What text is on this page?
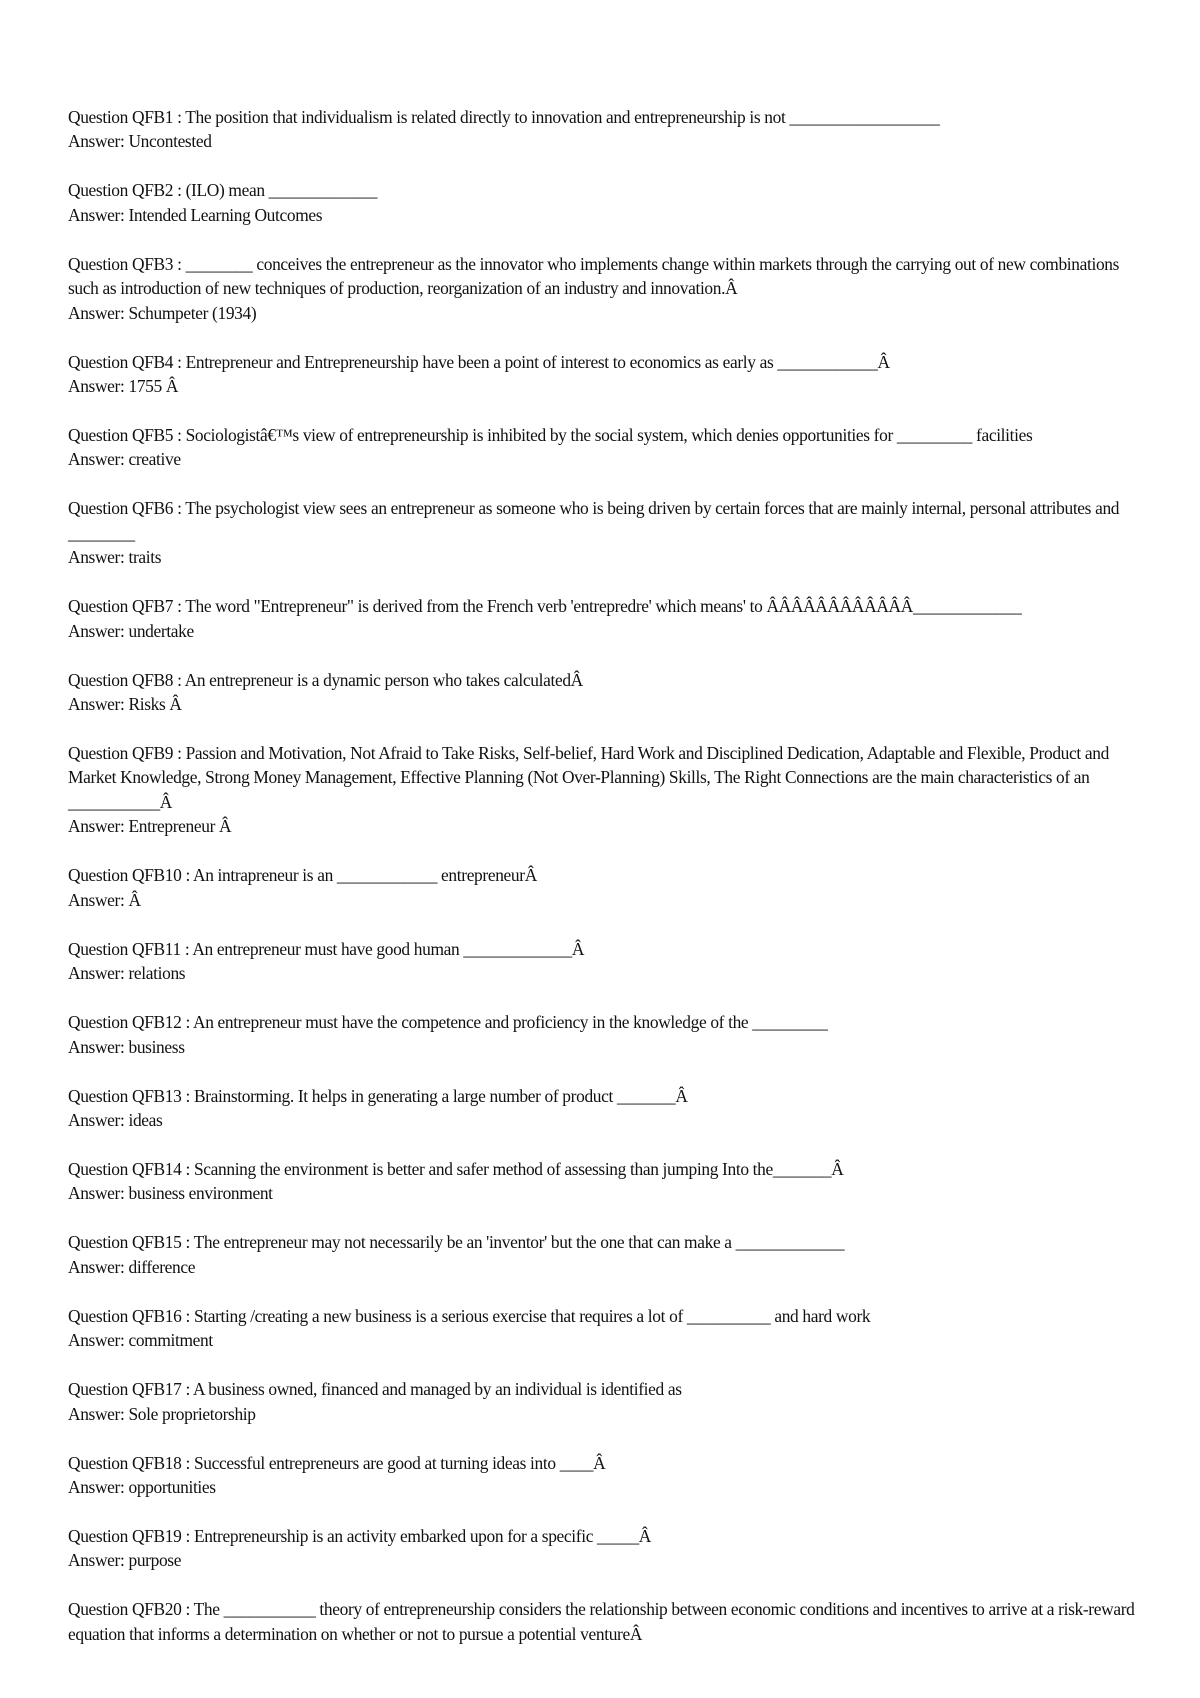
Question QFB1 : The position that individualism is related directly to innovation and entrepreneurship is not __________________
Answer: Uncontested
Question QFB2 : (ILO) mean _____________
Answer: Intended Learning Outcomes
Question QFB3 : ________ conceives the entrepreneur as the innovator who implements change within markets through the carrying out of new combinations such as introduction of new techniques of production, reorganization of an industry and innovation.Â
Answer: Schumpeter (1934)
Question QFB4 : Entrepreneur and Entrepreneurship have been a point of interest to economics as early as ____________Â
Answer: 1755 Â
Question QFB5 : Sociologistâ€™s view of entrepreneurship is inhibited by the social system, which denies opportunities for _________ facilities
Answer: creative
Question QFB6 : The psychologist view sees an entrepreneur as someone who is being driven by certain forces that are mainly internal, personal attributes and ________
Answer: traits
Question QFB7 : The word "Entrepreneur" is derived from the French verb 'entrepredre' which means' to ÂÂÂÂÂÂÂÂÂÂÂÂ_____________
Answer: undertake
Question QFB8 : An entrepreneur is a dynamic person who takes calculatedÂ
Answer: Risks Â
Question QFB9 : Passion and Motivation, Not Afraid to Take Risks, Self-belief, Hard Work and Disciplined Dedication, Adaptable and Flexible, Product and Market Knowledge, Strong Money Management, Effective Planning (Not Over-Planning) Skills, The Right Connections are the main characteristics of an ___________Â
Answer: Entrepreneur Â
Question QFB10 : An intrapreneur is an ____________ entrepreneurÂ
Answer: Â
Question QFB11 : An entrepreneur must have good human _____________Â
Answer: relations
Question QFB12 : An entrepreneur must have the competence and proficiency in the knowledge of the _________
Answer: business
Question QFB13 : Brainstorming. It helps in generating a large number of product _______Â
Answer: ideas
Question QFB14 : Scanning the environment is better and safer method of assessing than jumping Into the_______Â
Answer: business environment
Question QFB15 : The entrepreneur may not necessarily be an 'inventor' but the one that can make a _____________
Answer: difference
Question QFB16 : Starting /creating a new business is a serious exercise that requires a lot of __________ and hard work
Answer: commitment
Question QFB17 : A business owned, financed and managed by an individual is identified as
Answer: Sole proprietorship
Question QFB18 : Successful entrepreneurs are good at turning ideas into ____Â
Answer: opportunities
Question QFB19 : Entrepreneurship is an activity embarked upon for a specific _____Â
Answer: purpose
Question QFB20 : The ___________ theory of entrepreneurship considers the relationship between economic conditions and incentives to arrive at a risk-reward equation that informs a determination on whether or not to pursue a potential ventureÂ
